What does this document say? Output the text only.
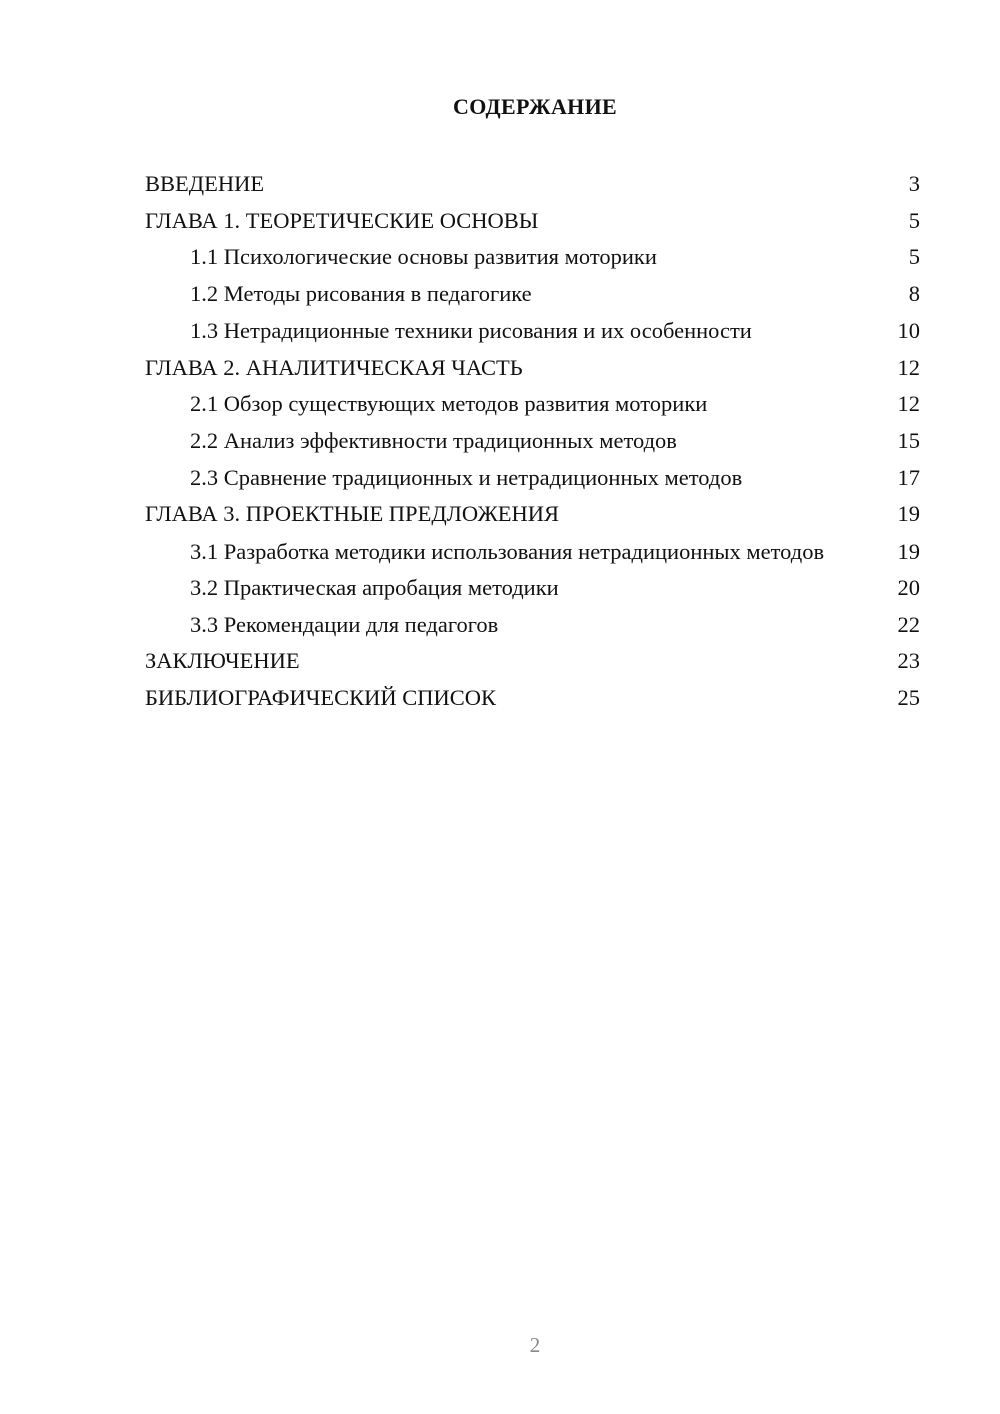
СОДЕРЖАНИЕ
ВВЕДЕНИЕ	3
ГЛАВА 1. ТЕОРЕТИЧЕСКИЕ ОСНОВЫ	5
1.1 Психологические основы развития моторики	5
1.2 Методы рисования в педагогике	8
1.3 Нетрадиционные техники рисования и их особенности	10
ГЛАВА 2. АНАЛИТИЧЕСКАЯ ЧАСТЬ	12
2.1 Обзор существующих методов развития моторики	12
2.2 Анализ эффективности традиционных методов	15
2.3 Сравнение традиционных и нетрадиционных методов	17
ГЛАВА 3. ПРОЕКТНЫЕ ПРЕДЛОЖЕНИЯ	19
3.1 Разработка методики использования нетрадиционных методов	19
3.2 Практическая апробация методики	20
3.3 Рекомендации для педагогов	22
ЗАКЛЮЧЕНИЕ	23
БИБЛИОГРАФИЧЕСКИЙ СПИСОК	25
2
